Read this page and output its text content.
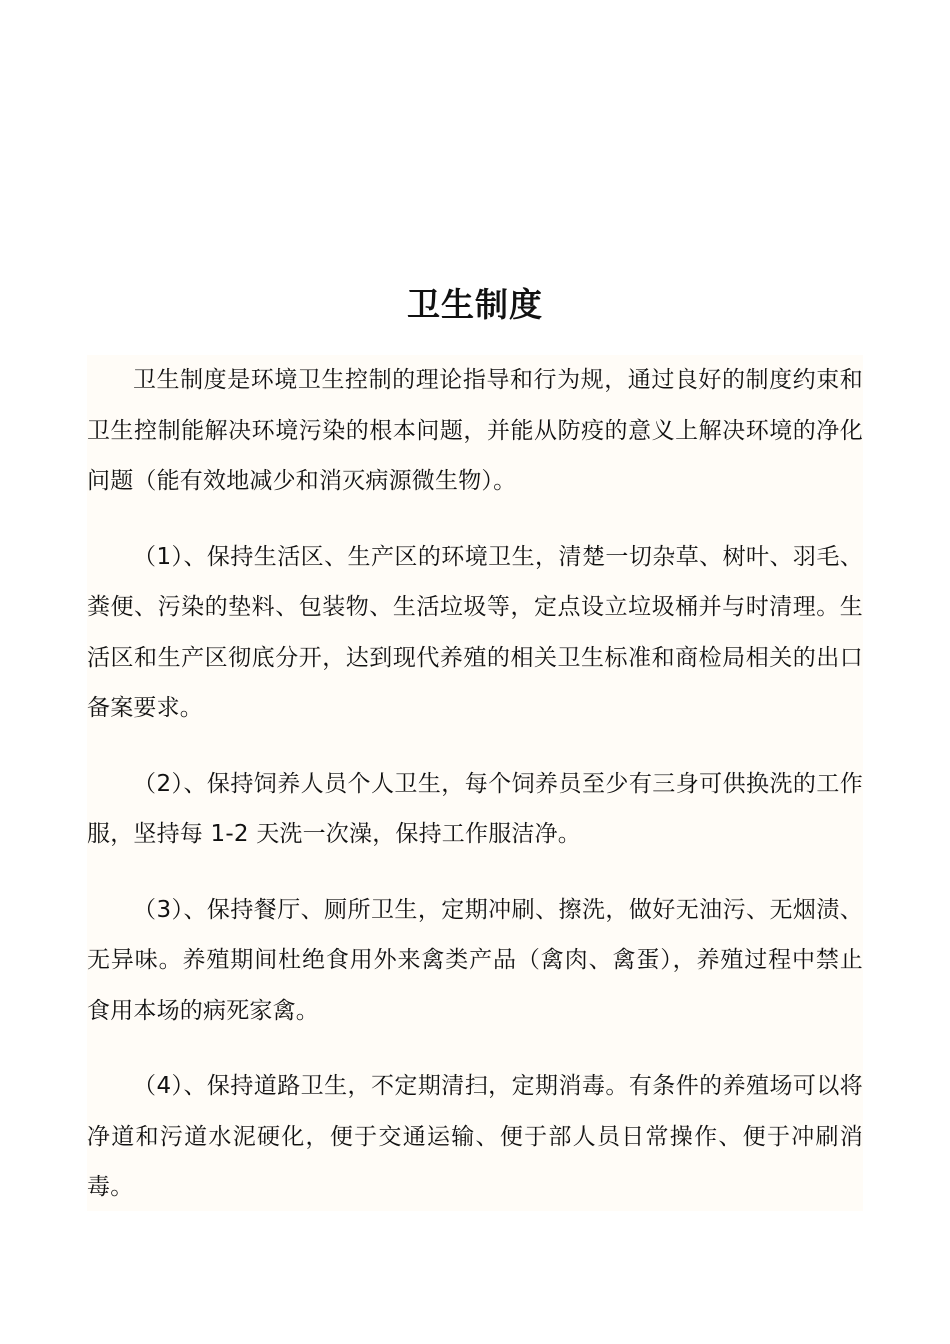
卫生制度

卫生制度是环境卫生控制的理论指导和行为规，通过良好的制度约束和卫生控制能解决环境污染的根本问题，并能从防疫的意义上解决环境的净化问题（能有效地减少和消灭病源微生物）。

（1）、保持生活区、生产区的环境卫生，清楚一切杂草、树叶、羽毛、粪便、污染的垫料、包装物、生活垃圾等，定点设立垃圾桶并与时清理。生活区和生产区彻底分开，达到现代养殖的相关卫生标准和商检局相关的出口备案要求。

（2）、保持饲养人员个人卫生，每个饲养员至少有三身可供换洗的工作服，坚持每 1-2 天洗一次澡，保持工作服洁净。

（3）、保持餐厅、厕所卫生，定期冲刷、擦洗，做好无油污、无烟渍、无异味。养殖期间杜绝食用外来禽类产品（禽肉、禽蛋），养殖过程中禁止食用本场的病死家禽。

（4）、保持道路卫生，不定期清扫，定期消毒。有条件的养殖场可以将净道和污道水泥硬化，便于交通运输、便于部人员日常操作、便于冲刷消毒。
